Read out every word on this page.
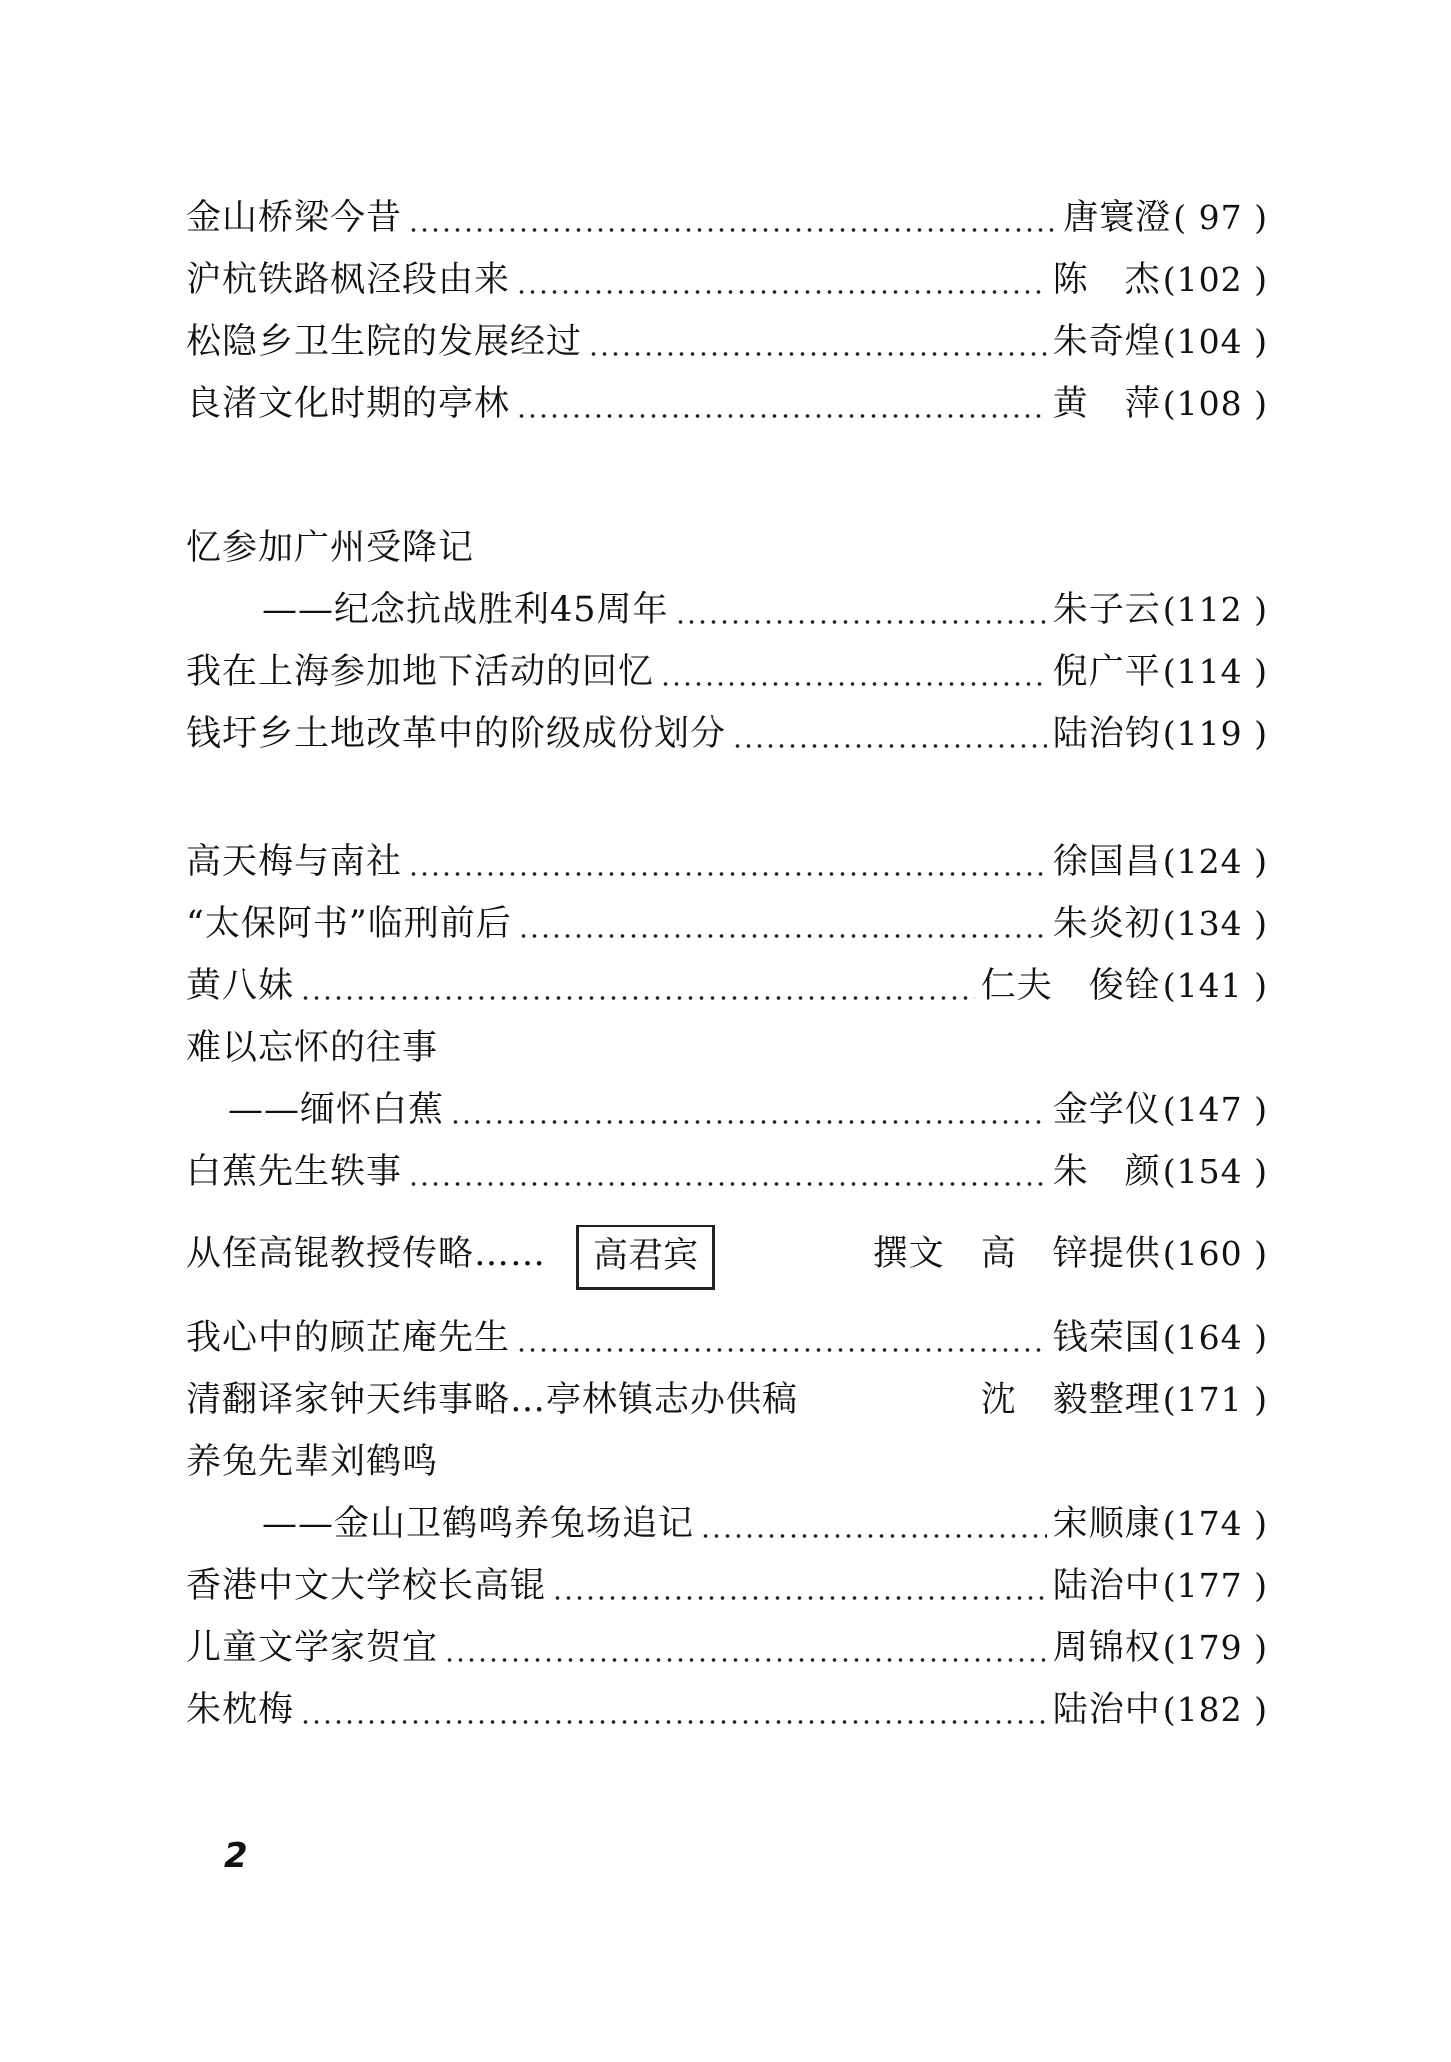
金山桥梁今昔	唐寰澄 ( 97 )
沪杭铁路枫泾段由来	陈　杰 (102 )
松隐乡卫生院的发展经过	朱奇煌 (104 )
良渚文化时期的亭林	黄　萍 (108 )
忆参加广州受降记
——纪念抗战胜利45周年	朱子云 (112 )
我在上海参加地下活动的回忆	倪广平 (114 )
钱圩乡土地改革中的阶级成份划分	陆治钧 (119 )
高天梅与南社	徐国昌 (124 )
“太保阿书”临刑前后	朱炎初 (134 )
黄八妹	仁夫　俊铨 (141 )
难以忘怀的往事
——缅怀白蕉	金学仪 (147 )
白蕉先生轶事	朱　颜 (154 )
从侄高锟教授传略……	高君宾	撰文　高　锌提供 (160 )
我心中的顾芷庵先生	钱荣国 (164 )
清翻译家钟天纬事略…亭林镇志办供稿	沈　毅整理 (171 )
养兔先辈刘鹤鸣
——金山卫鹤鸣养兔场追记	宋顺康 (174 )
香港中文大学校长高锟	陆治中 (177 )
儿童文学家贺宜	周锦权 (179 )
朱枕梅	陆治中 (182 )
2
